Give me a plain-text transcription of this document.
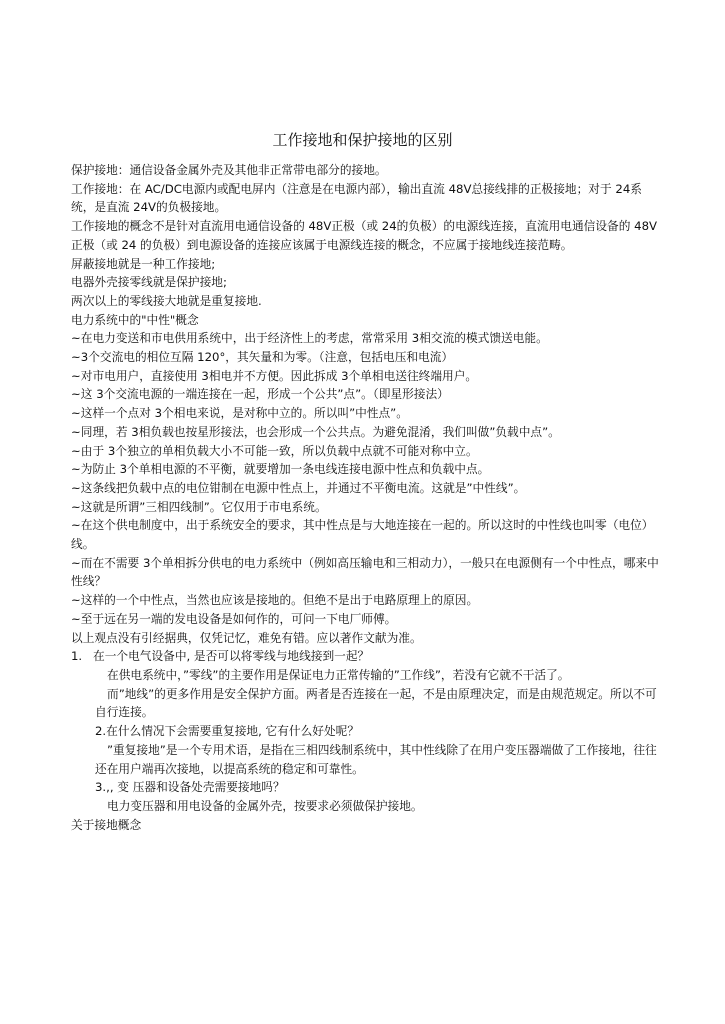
工作接地和保护接地的区别

保护接地：通信设备金属外壳及其他非正常带电部分的接地。

工作接地：在 AC/DC电源内或配电屏内（注意是在电源内部），输出直流 48V总接线排的正极接地；对于 24系统，是直流 24V的负极接地。

工作接地的概念不是针对直流用电通信设备的 48V正极（或 24的负极）的电源线连接，直流用电通信设备的 48V正极（或 24 的负极）到电源设备的连接应该属于电源线连接的概念，不应属于接地线连接范畴。

屏蔽接地就是一种工作接地;

电器外壳接零线就是保护接地;

两次以上的零线接大地就是重复接地.

电力系统中的"中性"概念

~在电力变送和市电供用系统中，出于经济性上的考虑，常常采用 3相交流的模式馈送电能。

~3个交流电的相位互隔 120°，其矢量和为零。（注意，包括电压和电流）

~对市电用户，直接使用 3相电并不方便。因此拆成 3个单相电送往终端用户。

~这 3个交流电源的一端连接在一起，形成一个公共”点”。（即星形接法）

~这样一个点对 3个相电来说，是对称中立的。所以叫”中性点”。

~同理，若 3相负载也按星形接法，也会形成一个公共点。为避免混淆，我们叫做”负载中点”。

~由于 3个独立的单相负载大小不可能一致，所以负载中点就不可能对称中立。

~为防止 3个单相电源的不平衡，就要增加一条电线连接电源中性点和负载中点。

~这条线把负载中点的电位钳制在电源中性点上，并通过不平衡电流。这就是”中性线”。

~这就是所谓”三相四线制”。它仅用于市电系统。

~在这个供电制度中，出于系统安全的要求，其中性点是与大地连接在一起的。所以这时的中性线也叫零（电位）线。

~而在不需要 3个单相拆分供电的电力系统中（例如高压输电和三相动力），一般只在电源侧有一个中性点，哪来中性线？

~这样的一个中性点，当然也应该是接地的。但绝不是出于电路原理上的原因。

~至于远在另一端的发电设备是如何作的，可问一下电厂师傅。

以上观点没有引经据典，仅凭记忆，难免有错。应以著作文献为准。

1. 在一个电气设备中, 是否可以将零线与地线接到一起？

在供电系统中，”零线”的主要作用是保证电力正常传输的”工作线”，若没有它就不干活了。

而”地线”的更多作用是安全保护方面。两者是否连接在一起，不是由原理决定，而是由规范规定。所以不可自行连接。

2.在什么情况下会需要重复接地, 它有什么好处呢？

”重复接地”是一个专用术语，是指在三相四线制系统中，其中性线除了在用户变压器端做了工作接地，往往还在用户端再次接地，以提高系统的稳定和可靠性。

3.,, 变 压器和设备处壳需要接地吗？

电力变压器和用电设备的金属外壳，按要求必须做保护接地。

关于接地概念
